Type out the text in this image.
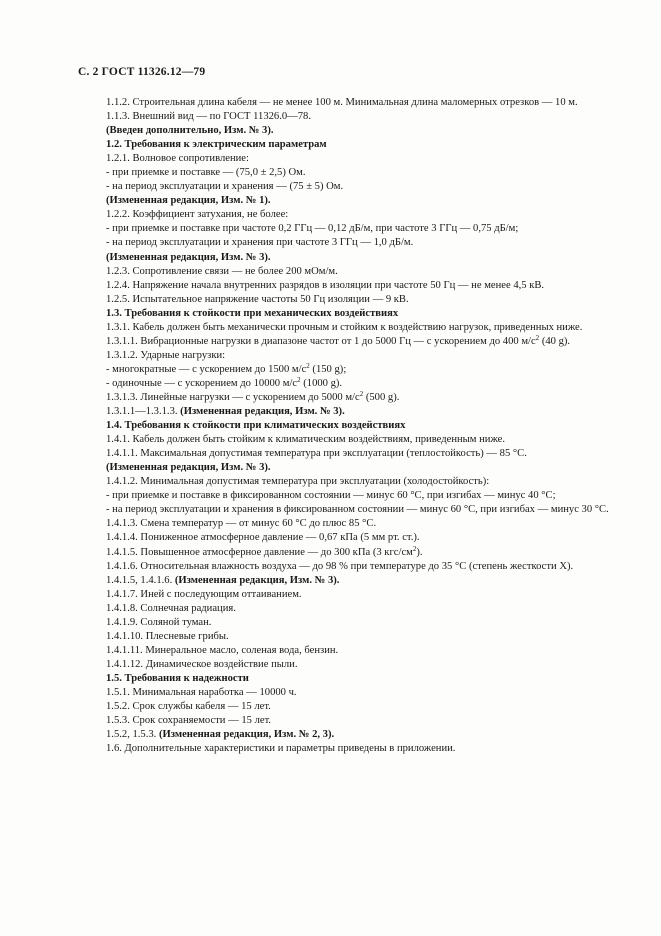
С. 2 ГОСТ 11326.12—79

1.1.2. Строительная длина кабеля — не менее 100 м. Минимальная длина маломерных отрезков — 10 м.

1.1.3. Внешний вид — по ГОСТ 11326.0—78.

(Введен дополнительно, Изм. № 3).

1.2. Требования к электрическим параметрам

1.2.1. Волновое сопротивление:

- при приемке и поставке — (75,0 ± 2,5) Ом.

- на период эксплуатации и хранения — (75 ± 5) Ом.

(Измененная редакция, Изм. № 1).

1.2.2. Коэффициент затухания, не более:

- при приемке и поставке при частоте 0,2 ГГц — 0,12 дБ/м, при частоте 3 ГГц — 0,75 дБ/м;

- на период эксплуатации и хранения при частоте 3 ГГц — 1,0 дБ/м.

(Измененная редакция, Изм. № 3).

1.2.3. Сопротивление связи — не более 200 мОм/м.

1.2.4. Напряжение начала внутренних разрядов в изоляции при частоте 50 Гц — не менее 4,5 кВ.

1.2.5. Испытательное напряжение частоты 50 Гц изоляции — 9 кВ.

1.3. Требования к стойкости при механических воздействиях

1.3.1. Кабель должен быть механически прочным и стойким к воздействию нагрузок, приведенных ниже.

1.3.1.1. Вибрационные нагрузки в диапазоне частот от 1 до 5000 Гц — с ускорением до 400 $м/с^2$ (40 g).

1.3.1.2. Ударные нагрузки:

- многократные — с ускорением до 1500 $м/с^2$ (150 g);

- одиночные — с ускорением до 10000 $м/с^2$ (1000 g).

1.3.1.3. Линейные нагрузки — с ускорением до 5000 $м/с^2$ (500 g).

1.3.1.1—1.3.1.3. (Измененная редакция, Изм. № 3).

1.4. Требования к стойкости при климатических воздействиях

1.4.1. Кабель должен быть стойким к климатическим воздействиям, приведенным ниже.

1.4.1.1. Максимальная допустимая температура при эксплуатации (теплостойкость) — 85 °С.

(Измененная редакция, Изм. № 3).

1.4.1.2. Минимальная допустимая температура при эксплуатации (холодостойкость):

- при приемке и поставке в фиксированном состоянии — минус 60 °С, при изгибах — минус 40 °С;

- на период эксплуатации и хранения в фиксированном состоянии — минус 60 °С, при изгибах — минус 30 °С.

1.4.1.3. Смена температур — от минус 60 °С до плюс 85 °С.

1.4.1.4. Пониженное атмосферное давление — 0,67 кПа (5 мм рт. ст.).

1.4.1.5. Повышенное атмосферное давление — до 300 кПа (3 кгс/$см^2$).

1.4.1.6. Относительная влажность воздуха — до 98 % при температуре до 35 °С (степень жесткости X).

1.4.1.5, 1.4.1.6. (Измененная редакция, Изм. № 3).

1.4.1.7. Иней с последующим оттаиванием.

1.4.1.8. Солнечная радиация.

1.4.1.9. Соляной туман.

1.4.1.10. Плесневые грибы.

1.4.1.11. Минеральное масло, соленая вода, бензин.

1.4.1.12. Динамическое воздействие пыли.

1.5. Требования к надежности

1.5.1. Минимальная наработка — 10000 ч.

1.5.2. Срок службы кабеля — 15 лет.

1.5.3. Срок сохраняемости — 15 лет.

1.5.2, 1.5.3. (Измененная редакция, Изм. № 2, 3).

1.6. Дополнительные характеристики и параметры приведены в приложении.
